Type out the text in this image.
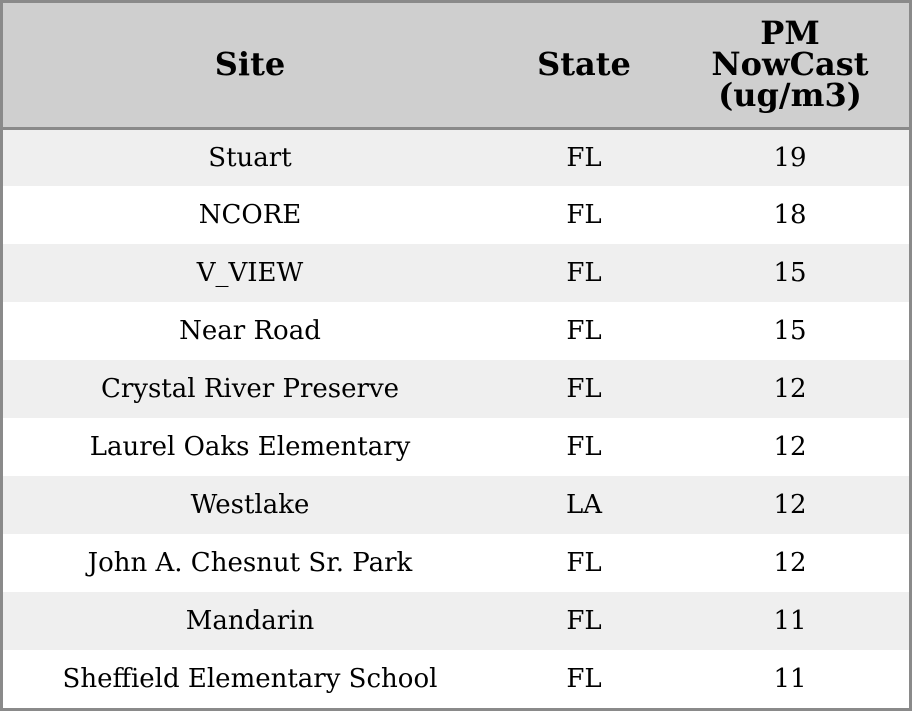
Site	State	PM NowCast (ug/m3)

Stuart	FL	19
NCORE	FL	18
V_VIEW	FL	15
Near Road	FL	15
Crystal River Preserve	FL	12
Laurel Oaks Elementary	FL	12
Westlake	LA	12
John A. Chesnut Sr. Park	FL	12
Mandarin	FL	11
Sheffield Elementary School	FL	11
